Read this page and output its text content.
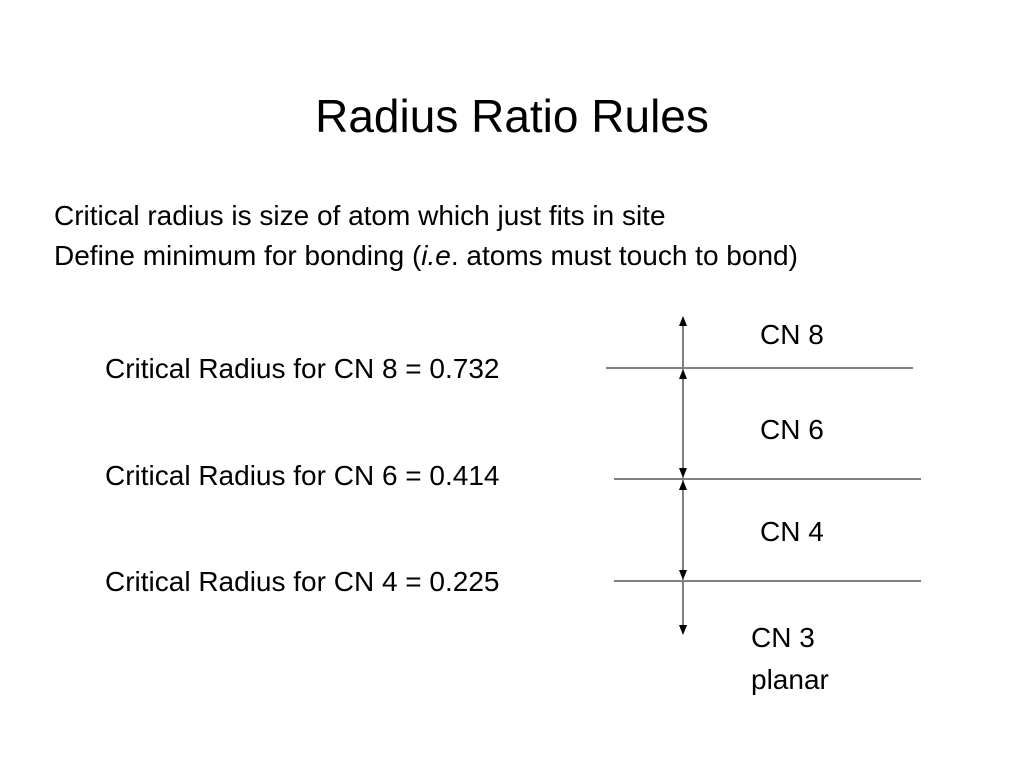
Radius Ratio Rules
Critical radius is size of atom which just fits in site
Define minimum for bonding (i.e. atoms must touch to bond)
Critical Radius for CN 8 = 0.732
Critical Radius for CN 6 = 0.414
Critical Radius for CN 4 = 0.225
CN 8
CN 6
CN 4
CN 3
planar
